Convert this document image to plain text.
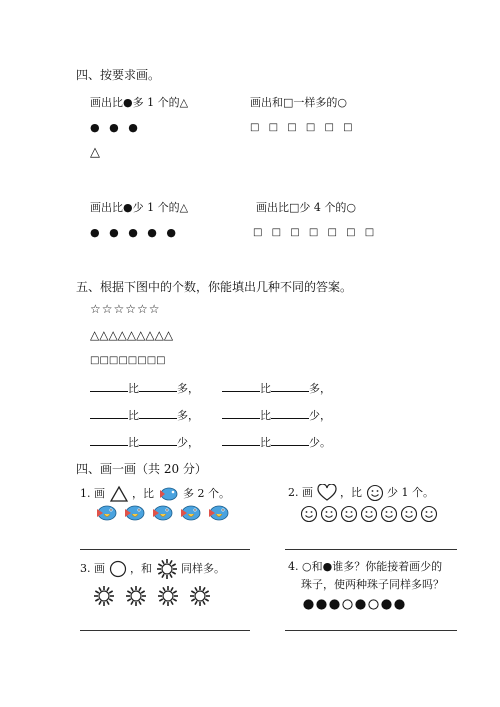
四、按要求画。
画出比●多 1 个的△	画出和□一样多的○
● ● ●	□ □ □ □ □ □
△
画出比●少 1 个的△	画出比□少 4 个的○
● ● ● ● ●	□ □ □ □ □ □ □
五、根据下图中的个数，你能填出几种不同的答案。
☆☆☆☆☆☆
△△△△△△△△△
□□□□□□□□
比	多，	比	多，
比	多，	比	少，
比	少，	比	少。
四、画一画（共 20 分）
1. 画 ，比	多 2 个。	2. 画 ，比 少 1 个。
3. 画 ，和	同样多。	4. ○和●谁多？你能接着画少的
珠子，使两种珠子同样多吗？
